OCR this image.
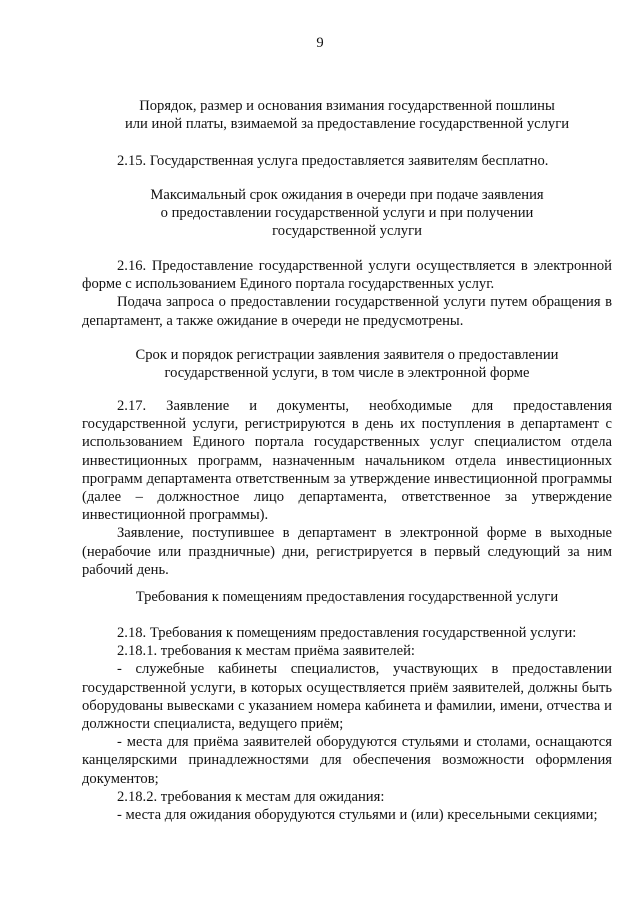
9

Порядок, размер и основания взимания государственной пошлины
или иной платы, взимаемой за предоставление государственной услуги

2.15. Государственная услуга предоставляется заявителям бесплатно.

Максимальный срок ожидания в очереди при подаче заявления
о предоставлении государственной услуги и при получении
государственной услуги

2.16. Предоставление государственной услуги осуществляется в электронной форме с использованием Единого портала государственных услуг.

Подача запроса о предоставлении государственной услуги путем обращения в департамент, а также ожидание в очереди не предусмотрены.

Срок и порядок регистрации заявления заявителя о предоставлении
государственной услуги, в том числе в электронной форме

2.17. Заявление и документы, необходимые для предоставления государственной услуги, регистрируются в день их поступления в департамент с использованием Единого портала государственных услуг специалистом отдела инвестиционных программ, назначенным начальником отдела инвестиционных программ департамента ответственным за утверждение инвестиционной программы (далее – должностное лицо департамента, ответственное за утверждение инвестиционной программы).

Заявление, поступившее в департамент в электронной форме в выходные (нерабочие или праздничные) дни, регистрируется в первый следующий за ним рабочий день.

Требования к помещениям предоставления государственной услуги

2.18. Требования к помещениям предоставления государственной услуги:

2.18.1. требования к местам приёма заявителей:

- служебные кабинеты специалистов, участвующих в предоставлении государственной услуги, в которых осуществляется приём заявителей, должны быть оборудованы вывесками с указанием номера кабинета и фамилии, имени, отчества и должности специалиста, ведущего приём;

- места для приёма заявителей оборудуются стульями и столами, оснащаются канцелярскими принадлежностями для обеспечения возможности оформления документов;

2.18.2. требования к местам для ожидания:

- места для ожидания оборудуются стульями и (или) кресельными секциями;
